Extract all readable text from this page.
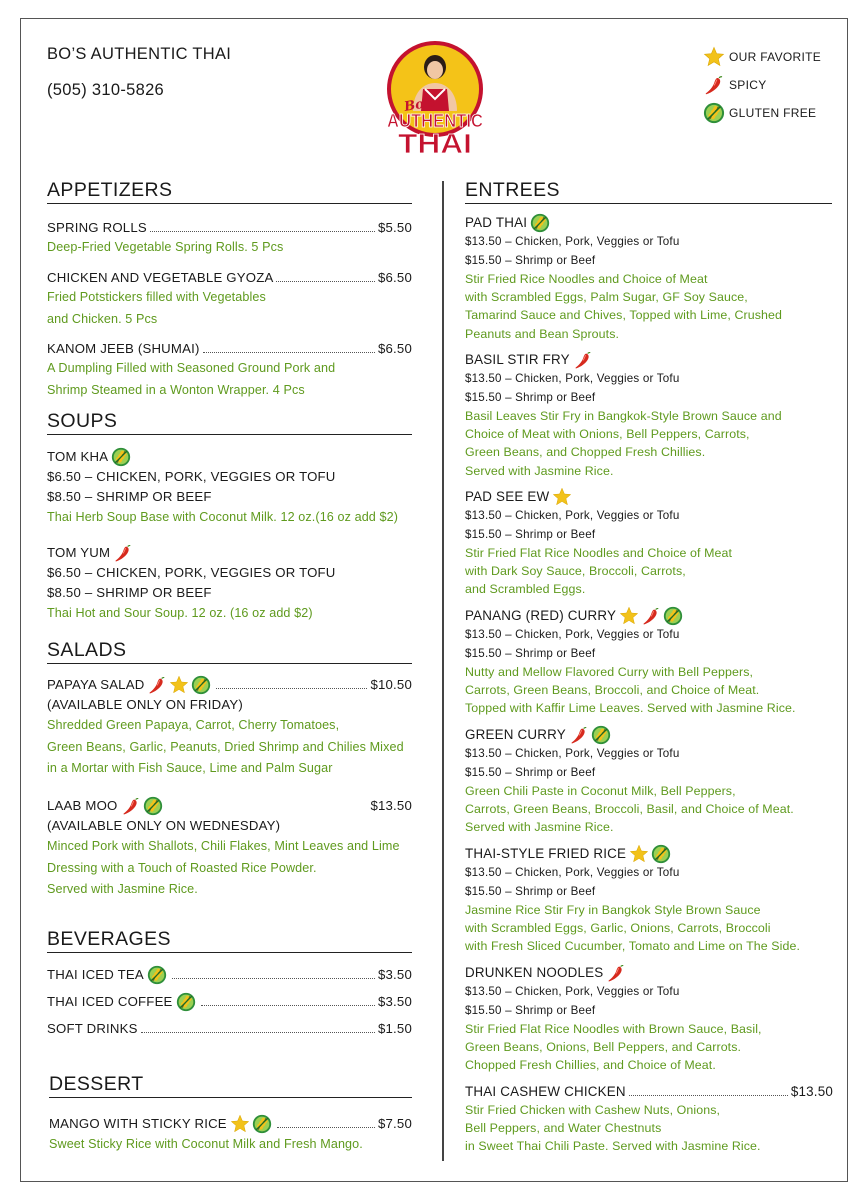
BO’S AUTHENTIC THAI
(505) 310-5826
Bo's
AUTHENTIC
THAI
OUR FAVORITE
SPICY
GLUTEN FREE
APPETIZERS
SPRING ROLLS	$5.50
Deep-Fried Vegetable Spring Rolls. 5 Pcs
CHICKEN AND VEGETABLE GYOZA	$6.50
Fried Potstickers filled with Vegetables
and Chicken. 5 Pcs
KANOM JEEB (SHUMAI)	$6.50
A Dumpling Filled with Seasoned Ground Pork and
Shrimp Steamed in a Wonton Wrapper. 4 Pcs
SOUPS
TOM KHA
$6.50 – CHICKEN, PORK, VEGGIES OR TOFU
$8.50 – SHRIMP OR BEEF
Thai Herb Soup Base with Coconut Milk. 12 oz.(16 oz add $2)
TOM YUM
$6.50 – CHICKEN, PORK, VEGGIES OR TOFU
$8.50 – SHRIMP OR BEEF
Thai Hot and Sour Soup. 12 oz. (16 oz add $2)
SALADS
PAPAYA SALAD	$10.50
(AVAILABLE ONLY ON FRIDAY)
Shredded Green Papaya, Carrot, Cherry Tomatoes,
Green Beans, Garlic, Peanuts, Dried Shrimp and Chilies Mixed
in a Mortar with Fish Sauce, Lime and Palm Sugar
LAAB MOO	$13.50
(AVAILABLE ONLY ON WEDNESDAY)
Minced Pork with Shallots, Chili Flakes, Mint Leaves and Lime
Dressing with a Touch of Roasted Rice Powder.
Served with Jasmine Rice.
BEVERAGES
THAI ICED TEA	$3.50
THAI ICED COFFEE	$3.50
SOFT DRINKS	$1.50
DESSERT
MANGO WITH STICKY RICE	$7.50
Sweet Sticky Rice with Coconut Milk and Fresh Mango.
ENTREES
PAD THAI
$13.50 – Chicken, Pork, Veggies or Tofu
$15.50 – Shrimp or Beef
Stir Fried Rice Noodles and Choice of Meat
with Scrambled Eggs, Palm Sugar, GF Soy Sauce,
Tamarind Sauce and Chives, Topped with Lime, Crushed
Peanuts and Bean Sprouts.
BASIL STIR FRY
$13.50 – Chicken, Pork, Veggies or Tofu
$15.50 – Shrimp or Beef
Basil Leaves Stir Fry in Bangkok-Style Brown Sauce and
Choice of Meat with Onions, Bell Peppers, Carrots,
Green Beans, and Chopped Fresh Chillies.
Served with Jasmine Rice.
PAD SEE EW
$13.50 – Chicken, Pork, Veggies or Tofu
$15.50 – Shrimp or Beef
Stir Fried Flat Rice Noodles and Choice of Meat
with Dark Soy Sauce, Broccoli, Carrots,
and Scrambled Eggs.
PANANG (RED) CURRY
$13.50 – Chicken, Pork, Veggies or Tofu
$15.50 – Shrimp or Beef
Nutty and Mellow Flavored Curry with Bell Peppers,
Carrots, Green Beans, Broccoli, and Choice of Meat.
Topped with Kaffir Lime Leaves. Served with Jasmine Rice.
GREEN CURRY
$13.50 – Chicken, Pork, Veggies or Tofu
$15.50 – Shrimp or Beef
Green Chili Paste in Coconut Milk, Bell Peppers,
Carrots, Green Beans, Broccoli, Basil, and Choice of Meat.
Served with Jasmine Rice.
THAI-STYLE FRIED RICE
$13.50 – Chicken, Pork, Veggies or Tofu
$15.50 – Shrimp or Beef
Jasmine Rice Stir Fry in Bangkok Style Brown Sauce
with Scrambled Eggs, Garlic, Onions, Carrots, Broccoli
with Fresh Sliced Cucumber, Tomato and Lime on The Side.
DRUNKEN NOODLES
$13.50 – Chicken, Pork, Veggies or Tofu
$15.50 – Shrimp or Beef
Stir Fried Flat Rice Noodles with Brown Sauce, Basil,
Green Beans, Onions, Bell Peppers, and Carrots.
Chopped Fresh Chillies, and Choice of Meat.
THAI CASHEW CHICKEN	$13.50
Stir Fried Chicken with Cashew Nuts, Onions,
Bell Peppers, and Water Chestnuts
in Sweet Thai Chili Paste. Served with Jasmine Rice.
